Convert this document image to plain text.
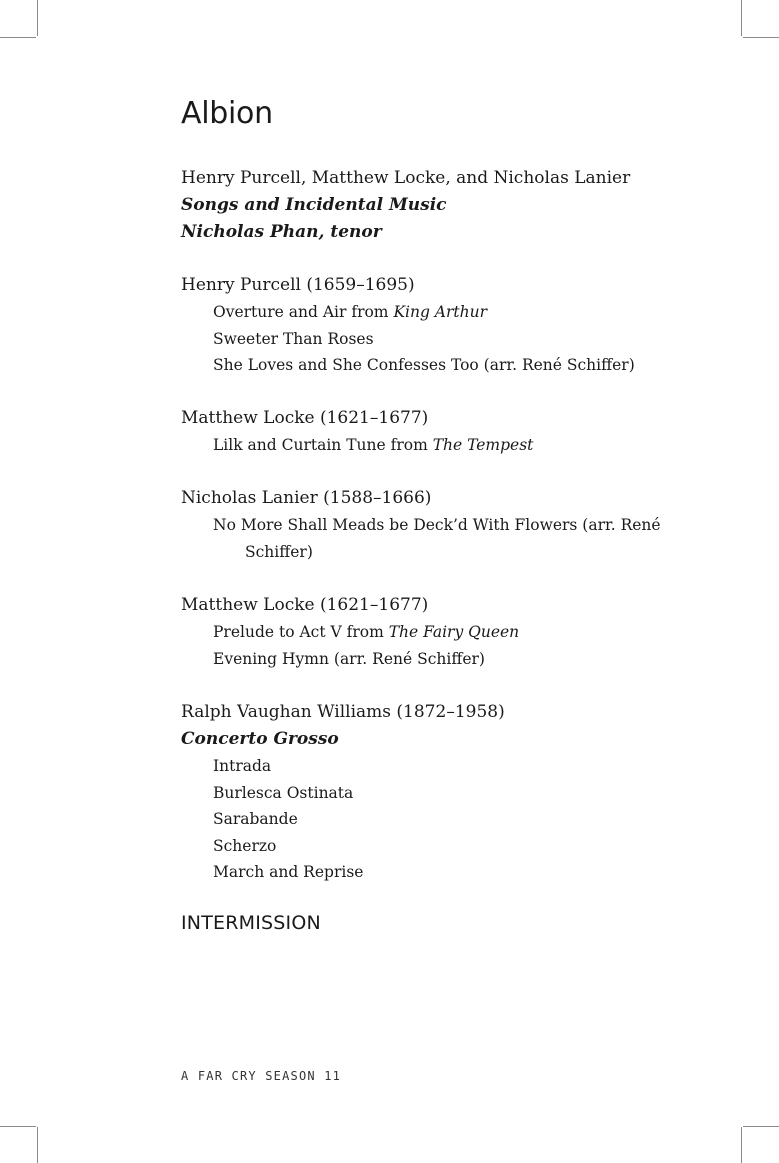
Albion
Henry Purcell, Matthew Locke, and Nicholas Lanier
Songs and Incidental Music
Nicholas Phan, tenor
Henry Purcell (1659–1695)
Overture and Air from King Arthur
Sweeter Than Roses
She Loves and She Confesses Too (arr. René Schiffer)
Matthew Locke (1621–1677)
Lilk and Curtain Tune from The Tempest
Nicholas Lanier (1588–1666)
No More Shall Meads be Deck’d With Flowers (arr. René Schiffer)
Matthew Locke (1621–1677)
Prelude to Act V from The Fairy Queen
Evening Hymn (arr. René Schiffer)
Ralph Vaughan Williams (1872–1958)
Concerto Grosso
Intrada
Burlesca Ostinata
Sarabande
Scherzo
March and Reprise
INTERMISSION
A FAR CRY SEASON 11
